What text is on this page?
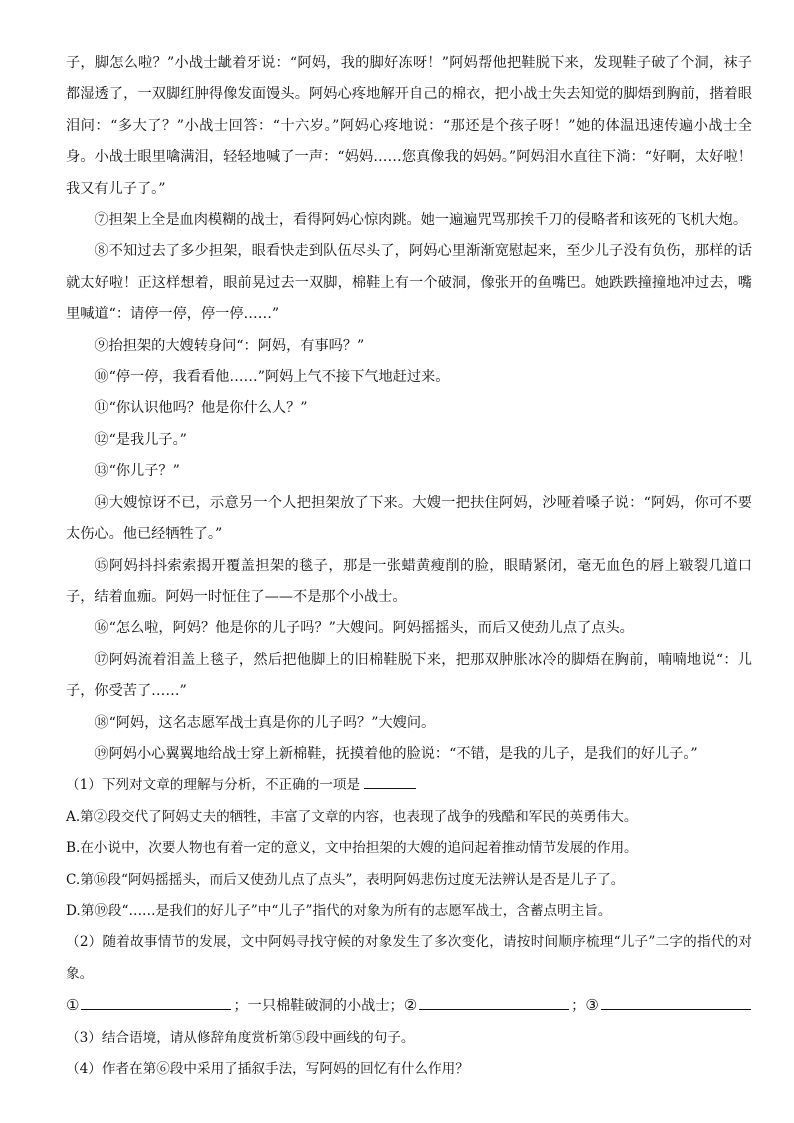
子，脚怎么啦？”小战士龇着牙说：“阿妈，我的脚好冻呀！”阿妈帮他把鞋脱下来，发现鞋子破了个洞，袜子都湿透了，一双脚红肿得像发面馒头。阿妈心疼地解开自己的棉衣，把小战士失去知觉的脚焐到胸前，揩着眼泪问：“多大了？”小战士回答：“十六岁。”阿妈心疼地说：“那还是个孩子呀！”她的体温迅速传遍小战士全身。小战士眼里噙满泪，轻轻地喊了一声：“妈妈……您真像我的妈妈。”阿妈泪水直往下淌：“好啊，太好啦！我又有儿子了。”

⑦担架上全是血肉模糊的战士，看得阿妈心惊肉跳。她一遍遍咒骂那挨千刀的侵略者和该死的飞机大炮。

⑧不知过去了多少担架，眼看快走到队伍尽头了，阿妈心里渐渐宽慰起来，至少儿子没有负伤，那样的话就太好啦！正这样想着，眼前晃过去一双脚，棉鞋上有一个破洞，像张开的鱼嘴巴。她跌跌撞撞地冲过去，嘴里喊道“：请停一停，停一停……”

⑨抬担架的大嫂转身问“：阿妈，有事吗？”

⑩“停一停，我看看他……”阿妈上气不接下气地赶过来。

⑪“你认识他吗？他是你什么人？”

⑫“是我儿子。”

⑬“你儿子？”

⑭大嫂惊讶不已，示意另一个人把担架放了下来。大嫂一把扶住阿妈，沙哑着嗓子说：“阿妈，你可不要太伤心。他已经牺牲了。”

⑮阿妈抖抖索索揭开覆盖担架的毯子，那是一张蜡黄瘦削的脸，眼睛紧闭，毫无血色的唇上皲裂几道口子，结着血痂。阿妈一时怔住了——不是那个小战士。

⑯“怎么啦，阿妈？他是你的儿子吗？”大嫂问。阿妈摇摇头，而后又使劲儿点了点头。

⑰阿妈流着泪盖上毯子，然后把他脚上的旧棉鞋脱下来，把那双肿胀冰冷的脚焐在胸前，喃喃地说“：儿子，你受苦了……”

⑱“阿妈，这名志愿军战士真是你的儿子吗？”大嫂问。

⑲阿妈小心翼翼地给战士穿上新棉鞋，抚摸着他的脸说：“不错，是我的儿子，是我们的好儿子。”

（1）下列对文章的理解与分析，不正确的一项是

A.第②段交代了阿妈丈夫的牺牲，丰富了文章的内容，也表现了战争的残酷和军民的英勇伟大。

B.在小说中，次要人物也有着一定的意义，文中抬担架的大嫂的追问起着推动情节发展的作用。

C.第⑯段“阿妈摇摇头，而后又使劲儿点了点头”，表明阿妈悲伤过度无法辨认是否是儿子了。

D.第⑲段“……是我们的好儿子”中“儿子”指代的对象为所有的志愿军战士，含蓄点明主旨。

（2）随着故事情节的发展，文中阿妈寻找守候的对象发生了多次变化，请按时间顺序梳理“儿子”二字的指代的对象。

①	；一只棉鞋破洞的小战士；②	；③

（3）结合语境，请从修辞角度赏析第⑤段中画线的句子。

（4）作者在第⑥段中采用了插叙手法，写阿妈的回忆有什么作用？
